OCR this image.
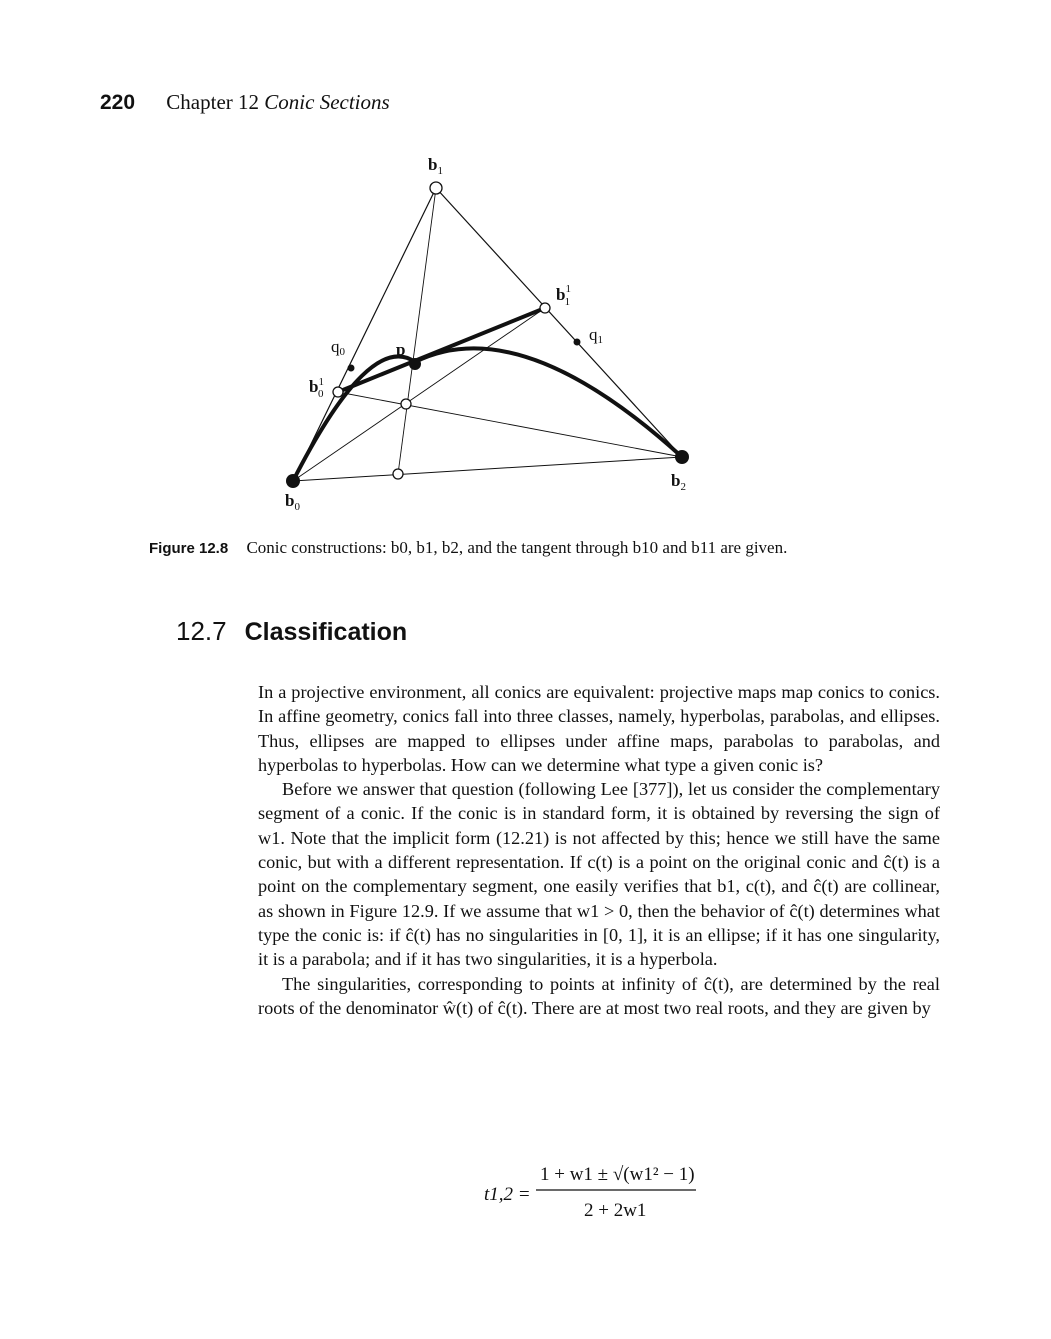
220 Chapter 12 Conic Sections
$b_1$
$b^1$ 1
q0
q1
p
$b^1$ 0
$b_2$
$b_0$
Figure 12.8 Conic constructions: b0, b1, b2, and the tangent through b10 and b11 are given.
12.7 Classification

In a projective environment, all conics are equivalent: projective maps map conics to conics. In affine geometry, conics fall into three classes, namely, hyperbolas, parabolas, and ellipses. Thus, ellipses are mapped to ellipses under affine maps, parabolas to parabolas, and hyperbolas to hyperbolas. How can we determine what type a given conic is?

Before we answer that question (following Lee [377]), let us consider the complementary segment of a conic. If the conic is in standard form, it is obtained by reversing the sign of w1. Note that the implicit form (12.21) is not affected by this; hence we still have the same conic, but with a different representation. If c(t) is a point on the original conic and ĉ(t) is a point on the complementary segment, one easily verifies that b1, c(t), and ĉ(t) are collinear, as shown in Figure 12.9. If we assume that w1 > 0, then the behavior of ĉ(t) determines what type the conic is: if ĉ(t) has no singularities in [0, 1], it is an ellipse; if it has one singularity, it is a parabola; and if it has two singularities, it is a hyperbola.

The singularities, corresponding to points at infinity of ĉ(t), are determined by the real roots of the denominator ŵ(t) of ĉ(t). There are at most two real roots, and they are given by

t1,2 =
1 + w1 ± √(w1² − 1)
2 + 2w1
